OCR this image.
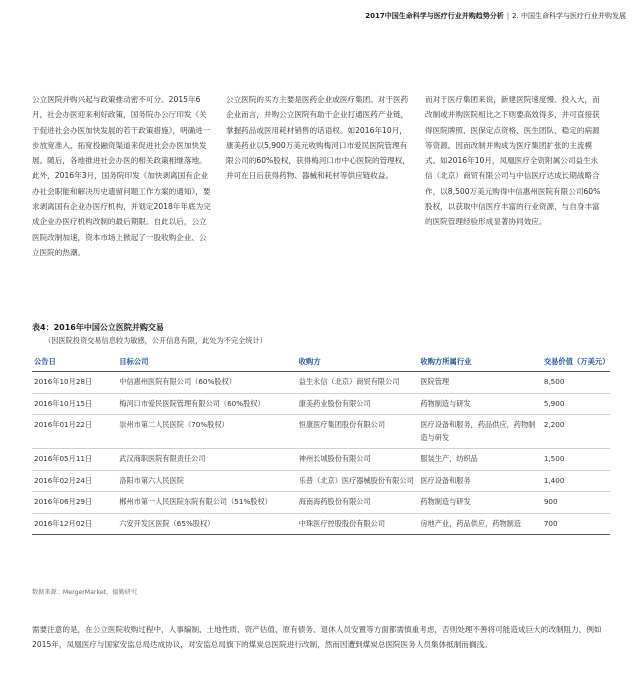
2017中国生命科学与医疗行业并购趋势分析 | 2. 中国生命科学与医疗行业并购发展
公立医院并购兴起与政策推动密不可分。2015年6月，社会办医迎来利好政策，国务院办公厅印发《关于促进社会办医加快发展的若干政策措施》，明确进一步放宽准入、拓宽投融资渠道来促进社会办医加快发展。随后，各地推进社会办医的相关政策相继落地。此外，2016年3月，国务院印发《加快剥离国有企业办社会职能和解决历史遗留问题工作方案的通知》，要求剥离国有企业办医疗机构，并划定2018年年底为完成企业办医疗机构改制的最后期限。自此以后，公立医院改制加速，资本市场上掀起了一股收购企业、公立医院的热潮。
公立医院的买方主要是医药企业或医疗集团。对于医药企业而言，并购公立医院有助于企业打通医药产业链，掌握药品或医用耗材销售的话语权。如2016年10月，康美药业以5,900万美元收购梅河口市爱民医院管理有限公司的60%股权，获得梅河口市中心医院的管理权，并可在日后获得药物、器械和耗材等供应链收益。
而对于医疗集团来说，新建医院速度慢、投入大，而改制或并购医院相比之下则要高效得多，并可直接获得医院牌照、医保定点资格、医生团队、稳定的病源等资源。因而改制并购成为医疗集团扩张的主流模式。如2016年10月，凤凰医疗全资附属公司益生永信（北京）商贸有限公司与中信医疗达成长期战略合作，以8,500万美元购得中信惠州医院有限公司60%股权，以获取中信医疗丰富的行业资源，与自身丰富的医院管理经验形成显著协同效应。
表4：2016年中国公立医院并购交易
（因医院投资交易信息较为敏感，公开信息有限，此处为不完全统计）
公告日	目标公司	收购方	收购方所属行业	交易价值（万美元）
2016年10月28日	中信惠州医院有限公司（60%股权）	益生永信（北京）商贸有限公司	医院管理	8,500
2016年10月15日	梅河口市爱民医院管理有限公司（60%股权）	康美药业股份有限公司	药物制造与研发	5,900
2016年01月22日	崇州市第二人民医院（70%股权）	恒康医疗集团股份有限公司	医疗设备和服务，药品供应，药物制造与研发	2,200
2016年05月11日	武汉商职医院有限责任公司	神州长城股份有限公司	服装生产，纺织品	1,500
2016年02月24日	洛阳市第六人民医院	乐普（北京）医疗器械股份有限公司	医疗设备和服务	1,400
2016年06月29日	郴州市第一人民医院东院有限公司（51%股权）	海南海药股份有限公司	药物制造与研发	900
2016年12月02日	六安开发区医院（65%股权）	中珠医疗控股股份有限公司	房地产业，药品供应，药物制造	700
数据来源：MergerMarket，德勤研究
需要注意的是，在公立医院收购过程中，人事编制、土地性质、资产估值、原有债务、退休人员安置等方面都需慎重考虑，否则处理不善将可能造成巨大的改制阻力，例如2015年，凤凰医疗与国家安监总局达成协议，对安监总局旗下的煤炭总医院进行改制，然而因遭到煤炭总医院医务人员集体抵制而搁浅。
